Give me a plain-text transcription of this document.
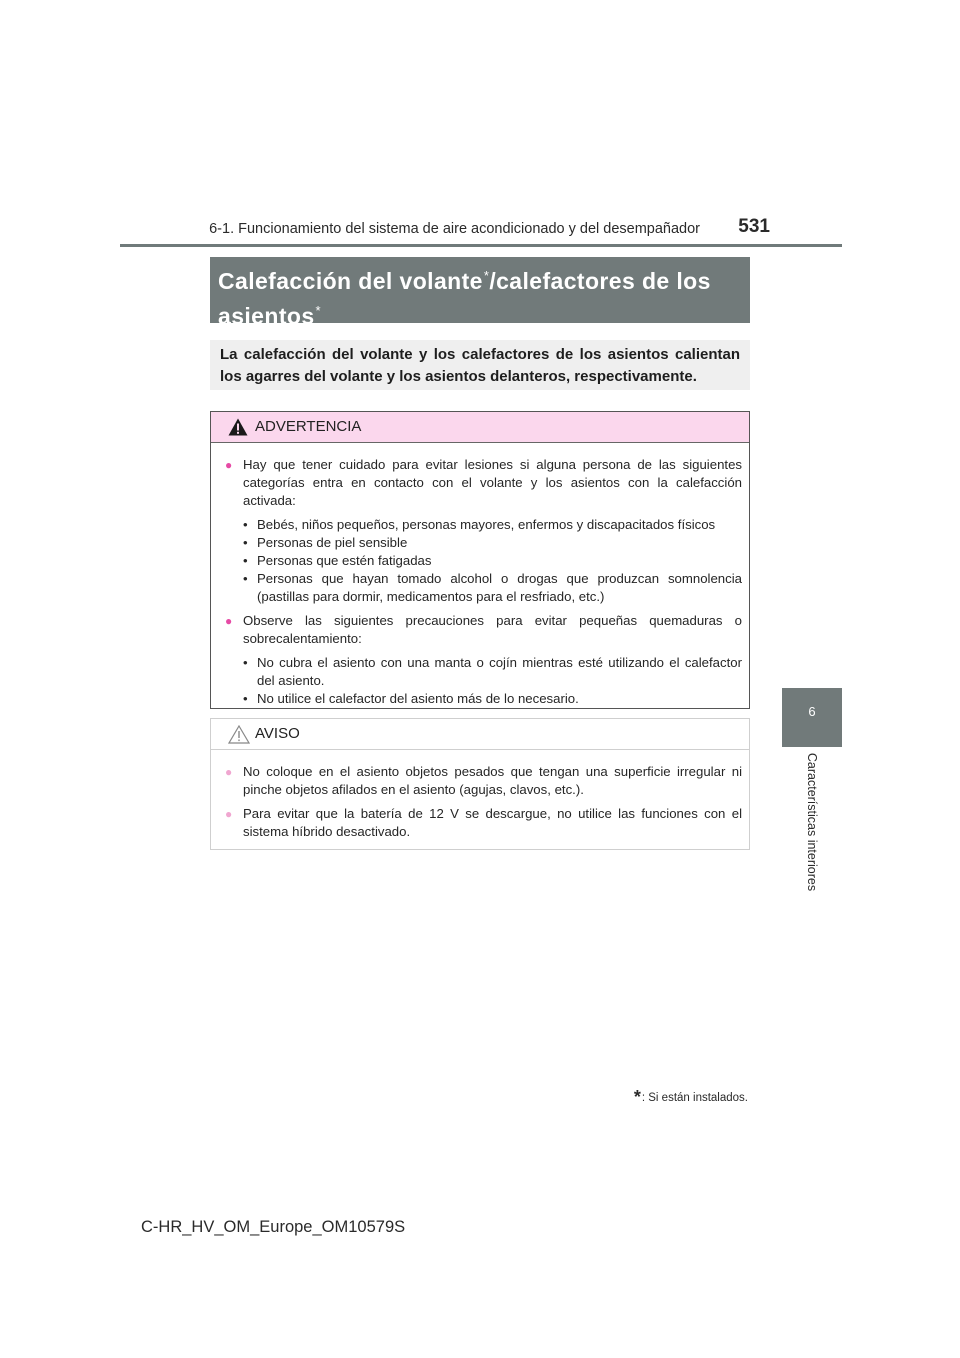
6-1. Funcionamiento del sistema de aire acondicionado y del desempañador	531
6
Características interiores
Calefacción del volante*/calefactores de los asientos*

La calefacción del volante y los calefactores de los asientos calientan los agarres del volante y los asientos delanteros, respectivamente.

ADVERTENCIA
● Hay que tener cuidado para evitar lesiones si alguna persona de las siguientes categorías entra en contacto con el volante y los asientos con la calefacción activada:
• Bebés, niños pequeños, personas mayores, enfermos y discapacitados físicos
• Personas de piel sensible
• Personas que estén fatigadas
• Personas que hayan tomado alcohol o drogas que produzcan somnolencia (pastillas para dormir, medicamentos para el resfriado, etc.)
● Observe las siguientes precauciones para evitar pequeñas quemaduras o sobrecalentamiento:
• No cubra el asiento con una manta o cojín mientras esté utilizando el calefactor del asiento.
• No utilice el calefactor del asiento más de lo necesario.
AVISO
● No coloque en el asiento objetos pesados que tengan una superficie irregular ni pinche objetos afilados en el asiento (agujas, clavos, etc.).
● Para evitar que la batería de 12 V se descargue, no utilice las funciones con el sistema híbrido desactivado.
*: Si están instalados.
C-HR_HV_OM_Europe_OM10579S
